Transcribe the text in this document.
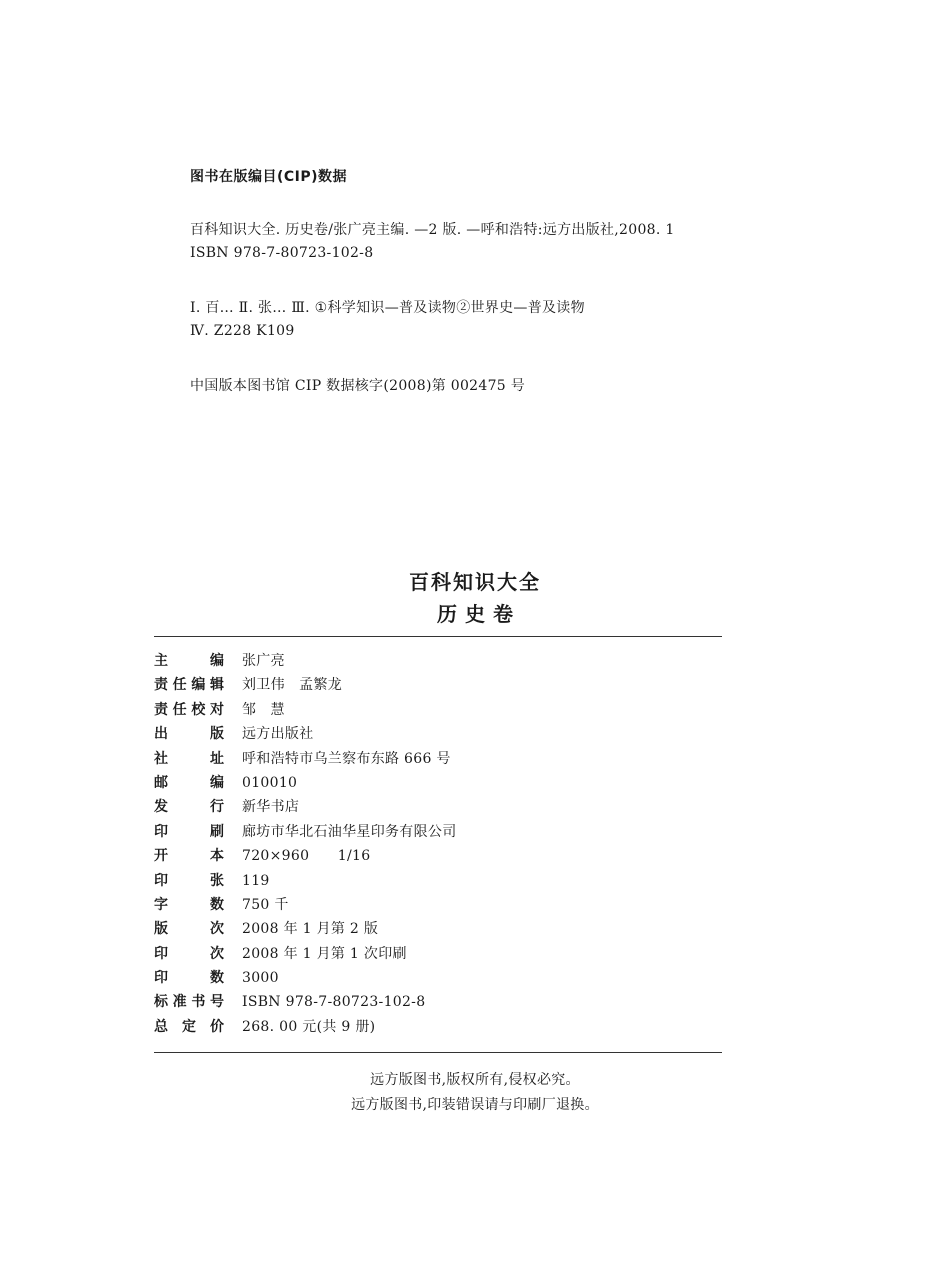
图书在版编目(CIP)数据
百科知识大全. 历史卷/张广亮主编. —2 版. —呼和浩特:远方出版社,2008. 1
ISBN 978-7-80723-102-8
I. 百… Ⅱ. 张… Ⅲ. ①科学知识—普及读物②世界史—普及读物
Ⅳ. Z228 K109
中国版本图书馆 CIP 数据核字(2008)第 002475 号
百科知识大全
历史卷
主编 张广亮
责任编辑 刘卫伟   孟繁龙
责任校对 邹   慧
出版 远方出版社
社址 呼和浩特市乌兰察布东路 666 号
邮编 010010
发行 新华书店
印刷 廊坊市华北石油华星印务有限公司
开本 720×960      1/16
印张 119
字数 750 千
版次 2008 年 1 月第 2 版
印次 2008 年 1 月第 1 次印刷
印数 3000
标准书号 ISBN 978-7-80723-102-8
总定价 268. 00 元(共 9 册)
远方版图书,版权所有,侵权必究。
远方版图书,印装错误请与印刷厂退换。
